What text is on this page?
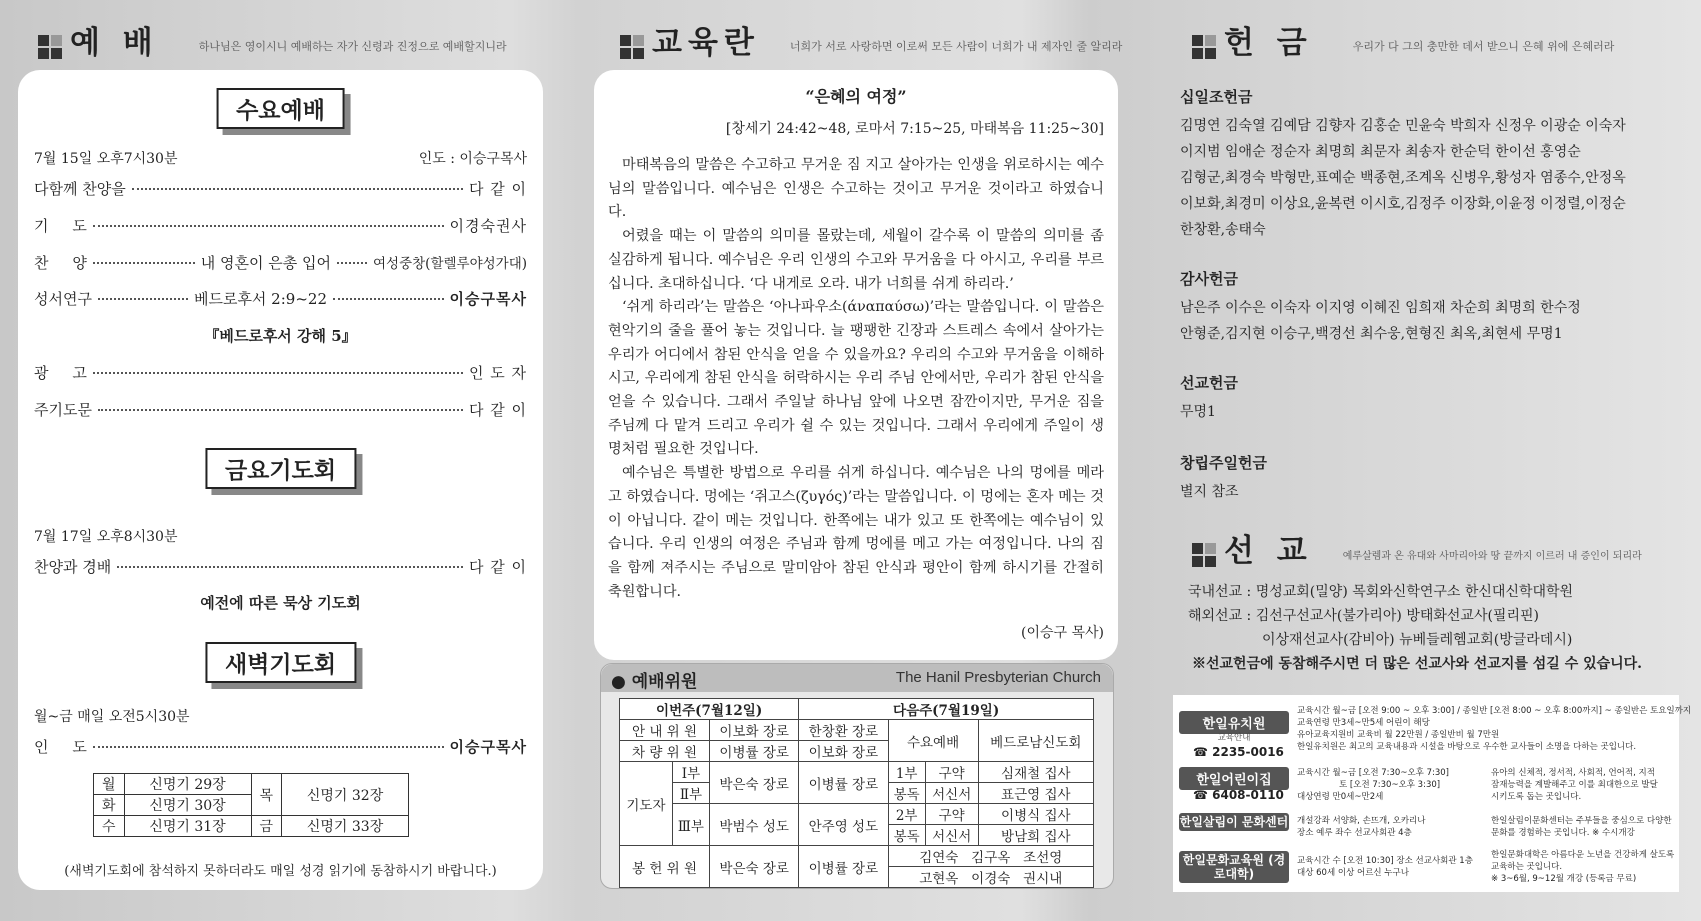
예 배	하나님은 영이시니 예배하는 자가 신령과 진정으로 예배할지니라	교육란	너희가 서로 사랑하면 이로써 모든 사람이 너희가 내 제자인 줄 알리라	헌 금	우리가 다 그의 충만한 데서 받으니 은혜 위에 은혜러라
수요예배
7월 15일 오후7시30분	인도 : 이승구목사
다함께 찬양을	다 같 이
기     도	이경숙권사
찬     양	내 영혼이 은총 입어	여성중창(할렐루야성가대)
성서연구	베드로후서 2:9~22	이승구목사
『베드로후서 강해 5』
광     고	인 도 자
주기도문	다 같 이
금요기도회
7월 17일 오후8시30분
찬양과 경배	다 같 이
예전에 따른 묵상 기도회
새벽기도회
월~금 매일 오전5시30분
인     도	이승구목사
월	신명기 29장	목	신명기 32장
화	신명기 30장		
수	신명기 31장	금	신명기 33장
(새벽기도회에 참석하지 못하더라도 매일 성경 읽기에 동참하시기 바랍니다.)
“은혜의 여정”
[창세기 24:42~48, 로마서 7:15~25, 마태복음 11:25~30]

마태복음의 말씀은 수고하고 무거운 짐 지고 살아가는 인생을 위로하시는 예수님의 말씀입니다. 예수님은 인생은 수고하는 것이고 무거운 것이라고 하였습니다.

어렸을 때는 이 말씀의 의미를 몰랐는데, 세월이 갈수록 이 말씀의 의미를 좀 실감하게 됩니다. 예수님은 우리 인생의 수고와 무거움을 다 아시고, 우리를 부르십니다. 초대하십니다. ‘다 내게로 오라. 내가 너희를 쉬게 하리라.’

‘쉬게 하리라’는 말씀은 ‘아나파우소(άναπαύσω)’라는 말씀입니다. 이 말씀은 현악기의 줄을 풀어 놓는 것입니다. 늘 팽팽한 긴장과 스트레스 속에서 살아가는 우리가 어디에서 참된 안식을 얻을 수 있을까요? 우리의 수고와 무거움을 이해하시고, 우리에게 참된 안식을 허락하시는 우리 주님 안에서만, 우리가 참된 안식을 얻을 수 있습니다. 그래서 주일날 하나님 앞에 나오면 잠깐이지만, 무거운 짐을 주님께 다 맡겨 드리고 우리가 쉴 수 있는 것입니다. 그래서 우리에게 주일이 생명처럼 필요한 것입니다.

예수님은 특별한 방법으로 우리를 쉬게 하십니다. 예수님은 나의 멍에를 메라고 하였습니다. 멍에는 ‘쥐고스(ζυγός)’라는 말씀입니다. 이 멍에는 혼자 메는 것이 아닙니다. 같이 메는 것입니다. 한쪽에는 내가 있고 또 한쪽에는 예수님이 있습니다. 우리 인생의 여정은 주님과 함께 멍에를 메고 가는 여정입니다. 나의 짐을 함께 져주시는 주님으로 말미암아 참된 안식과 평안이 함께 하시기를 간절히 축원합니다.

(이승구 목사)
● 예배위원	The Hanil Presbyterian Church
이번주(7월12일)			다음주(7월19일)			
안 내 위 원		이보화 장로	한창환 장로	수요예배		베드로남신도회
차 량 위 원		이병률 장로	이보화 장로			
기도자	Ⅰ부	박은숙 장로	이병률 장로	1부	구약	심재철 집사
	Ⅱ부			봉독	서신서	표근영 집사
	Ⅲ부	박범수 성도	안주영 성도	2부	구약	이병식 집사
				봉독	서신서	방남희 집사
봉 헌 위 원		박은숙 장로	이병률 장로	김연숙   김구옥   조선영		
				고현옥   이경숙   권시내		
십일조헌금
김명연 김숙열 김예담 김향자 김홍순 민윤숙 박희자 신정우 이광순 이숙자
이지범 임애순 정순자 최명희 최문자 최송자 한순덕 한이선 홍영순
김형군,최경숙 박형만,표예순 백종현,조계옥 신병우,황성자 염종수,안정옥
이보화,최경미 이상요,윤복련 이시호,김정주 이장화,이윤정 이정렬,이정순
한창환,송태숙
감사헌금
남은주 이수은 이숙자 이지영 이혜진 임희재 차순희 최명희 한수정
안형준,김지현 이승구,백경선 최수웅,현형진 최옥,최현세 무명1
선교헌금
무명1
창립주일헌금
별지 참조
선 교	예루살렘과 온 유대와 사마리아와 땅 끝까지 이르러 내 증인이 되리라
국내선교 : 명성교회(밀양) 목회와신학연구소 한신대신학대학원
해외선교 : 김선구선교사(불가리아) 방태화선교사(필리핀)
이상재선교사(감비아) 뉴베들레헴교회(방글라데시)
※선교헌금에 동참해주시면 더 많은 선교사와 선교지를 섬길 수 있습니다.
한일유치원
교육안내
☎ 2235-0016
교육시간 월~금 [오전 9:00 ~ 오후 3:00] / 종일반 [오전 8:00 ~ 오후 8:00까지] ~ 종일반은 토요일까지
교육연령 만3세~만5세 어린이 해당
유아교육지원비 교육비 월 22만원 / 종일반비 월 7만원
한일유치원은 최고의 교육내용과 시설을 바탕으로 우수한 교사들이 소명을 다하는 곳입니다.
한일어린이집
☎ 6408-0110
교육시간 월~금 [오전 7:30~오후 7:30]
토 [오전 7:30~오후 3:30]
대상연령 만0세~만2세
유아의 신체적, 정서적, 사회적, 언어적, 지적
잠재능력을 계발해주고 이를 최대한으로 발달
시키도록 돕는 곳입니다.
한일살림이 문화센터 개설강좌 서양화, 손뜨개, 오카리나
장소 예루 좌수 선교사회관 4층
한일살림이문화센터는 주부들을 중심으로 다양한
문화를 경험하는 곳입니다. ※ 수시개강
한일문화교육원 (경로대학)
교육시간 수 [오전 10:30] 장소 선교사회관 1층
대상 60세 이상 어르신 누구나
한일문화대학은 아름다운 노년을 건강하게 살도록
교육하는 곳입니다.
※ 3~6월, 9~12월 개강 (등록금 무료)
